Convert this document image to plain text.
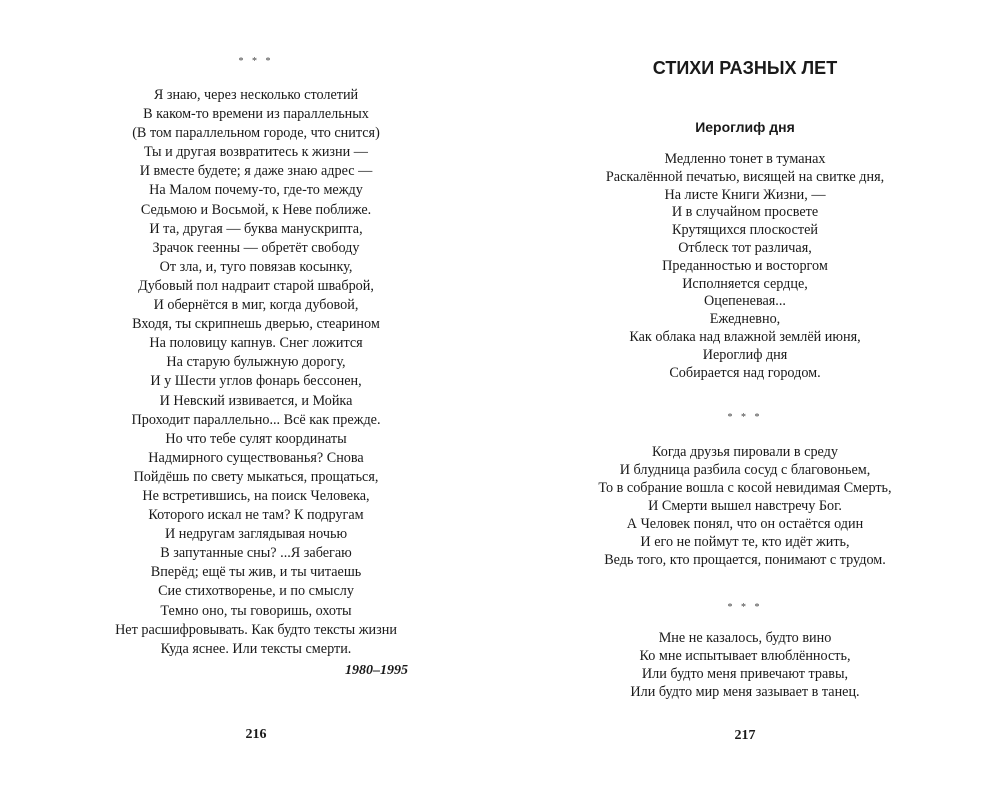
* * *
Я знаю, через несколько столетий
В каком-то времени из параллельных
(В том параллельном городе, что снится)
Ты и другая возвратитесь к жизни —
И вместе будете; я даже знаю адрес —
На Малом почему-то, где-то между
Седьмою и Восьмой, к Неве поближе.
И та, другая — буква манускрипта,
Зрачок геенны — обретёт свободу
От зла, и, туго повязав косынку,
Дубовый пол надраит старой шваброй,
И обернётся в миг, когда дубовой,
Входя, ты скрипнешь дверью, стеарином
На половицу капнув. Снег ложится
На старую булыжную дорогу,
И у Шести углов фонарь бессонен,
И Невский извивается, и Мойка
Проходит параллельно... Всё как прежде.
Но что тебе сулят координаты
Надмирного существованья? Снова
Пойдёшь по свету мыкаться, прощаться,
Не встретившись, на поиск Человека,
Которого искал не там? К подругам
И недругам заглядывая ночью
В запутанные сны? ...Я забегаю
Вперёд; ещё ты жив, и ты читаешь
Сие стихотворенье, и по смыслу
Темно оно, ты говоришь, охоты
Нет расшифровывать. Как будто тексты жизни
Куда яснее. Или тексты смерти.
1980–1995
216
СТИХИ РАЗНЫХ ЛЕТ
Иероглиф дня
Медленно тонет в туманах
Раскалённой печатью, висящей на свитке дня,
На листе Книги Жизни, —
И в случайном просвете
Крутящихся плоскостей
Отблеск тот различая,
Преданностью и восторгом
Исполняется сердце,
Оцепеневая...
Ежедневно,
Как облака над влажной землёй июня,
Иероглиф дня
Собирается над городом.
* * *
Когда друзья пировали в среду
И блудница разбила сосуд с благовоньем,
То в собрание вошла с косой невидимая Смерть,
И Смерти вышел навстречу Бог.
А Человек понял, что он остаётся один
И его не поймут те, кто идёт жить,
Ведь того, кто прощается, понимают с трудом.
* * *
Мне не казалось, будто вино
Ко мне испытывает влюблённость,
Или будто меня привечают травы,
Или будто мир меня зазывает в танец.
217
